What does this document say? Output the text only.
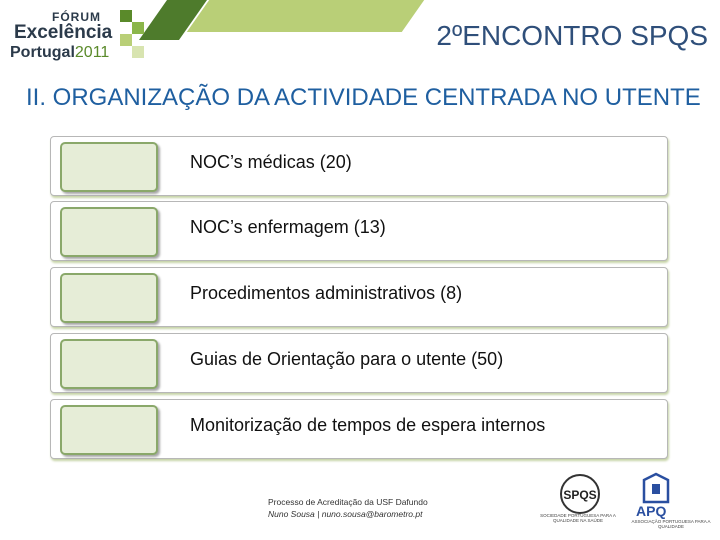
FÓRUM
Excelência
Portugal2011
2ºENCONTRO SPQS
II. ORGANIZAÇÃO DA ACTIVIDADE CENTRADA NO UTENTE
NOC’s médicas (20)
NOC’s enfermagem (13)
Procedimentos administrativos (8)
Guias de Orientação para o utente (50)
Monitorização de tempos de espera internos
Processo de Acreditação da USF Dafundo
Nuno Sousa | nuno.sousa@barometro.pt
SPQS
SOCIEDADE PORTUGUESA PARA A QUALIDADE NA SAÚDE
APQ
ASSOCIAÇÃO PORTUGUESA PARA A QUALIDADE
